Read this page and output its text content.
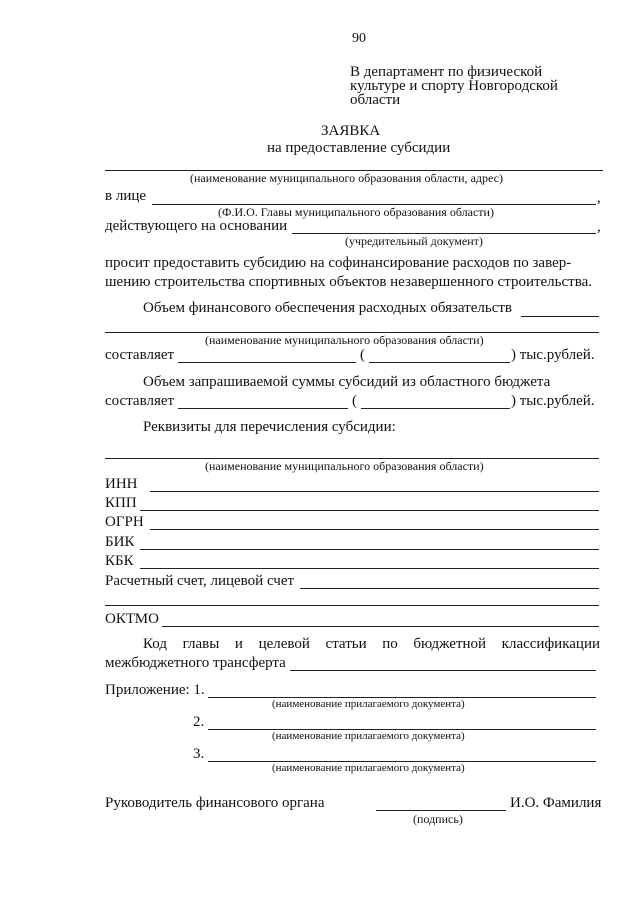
90
В департамент по физической
культуре и спорту Новгородской
области
ЗАЯВКА
на предоставление субсидии
(наименование муниципального образования области, адрес)
в лице	,
(Ф.И.О. Главы муниципального образования области)
действующего на основании	,
(учредительный документ)
просит предоставить субсидию на софинансирование расходов по завер-
шению строительства спортивных объектов незавершенного строительства.
Объем финансового обеспечения расходных обязательств
(наименование муниципального образования области)
составляет	(	) тыс.рублей.
Объем запрашиваемой суммы субсидий из областного бюджета
составляет	(	) тыс.рублей.
Реквизиты для перечисления субсидии:
(наименование муниципального образования области)
ИНН
КПП
ОГРН
БИК
КБК
Расчетный счет, лицевой счет
ОКТМО
Код главы и целевой статьи по бюджетной классификации
межбюджетного трансферта
Приложение: 1.
(наименование прилагаемого документа)
2.
(наименование прилагаемого документа)
3.
(наименование прилагаемого документа)
Руководитель финансового органа	И.О. Фамилия
(подпись)
